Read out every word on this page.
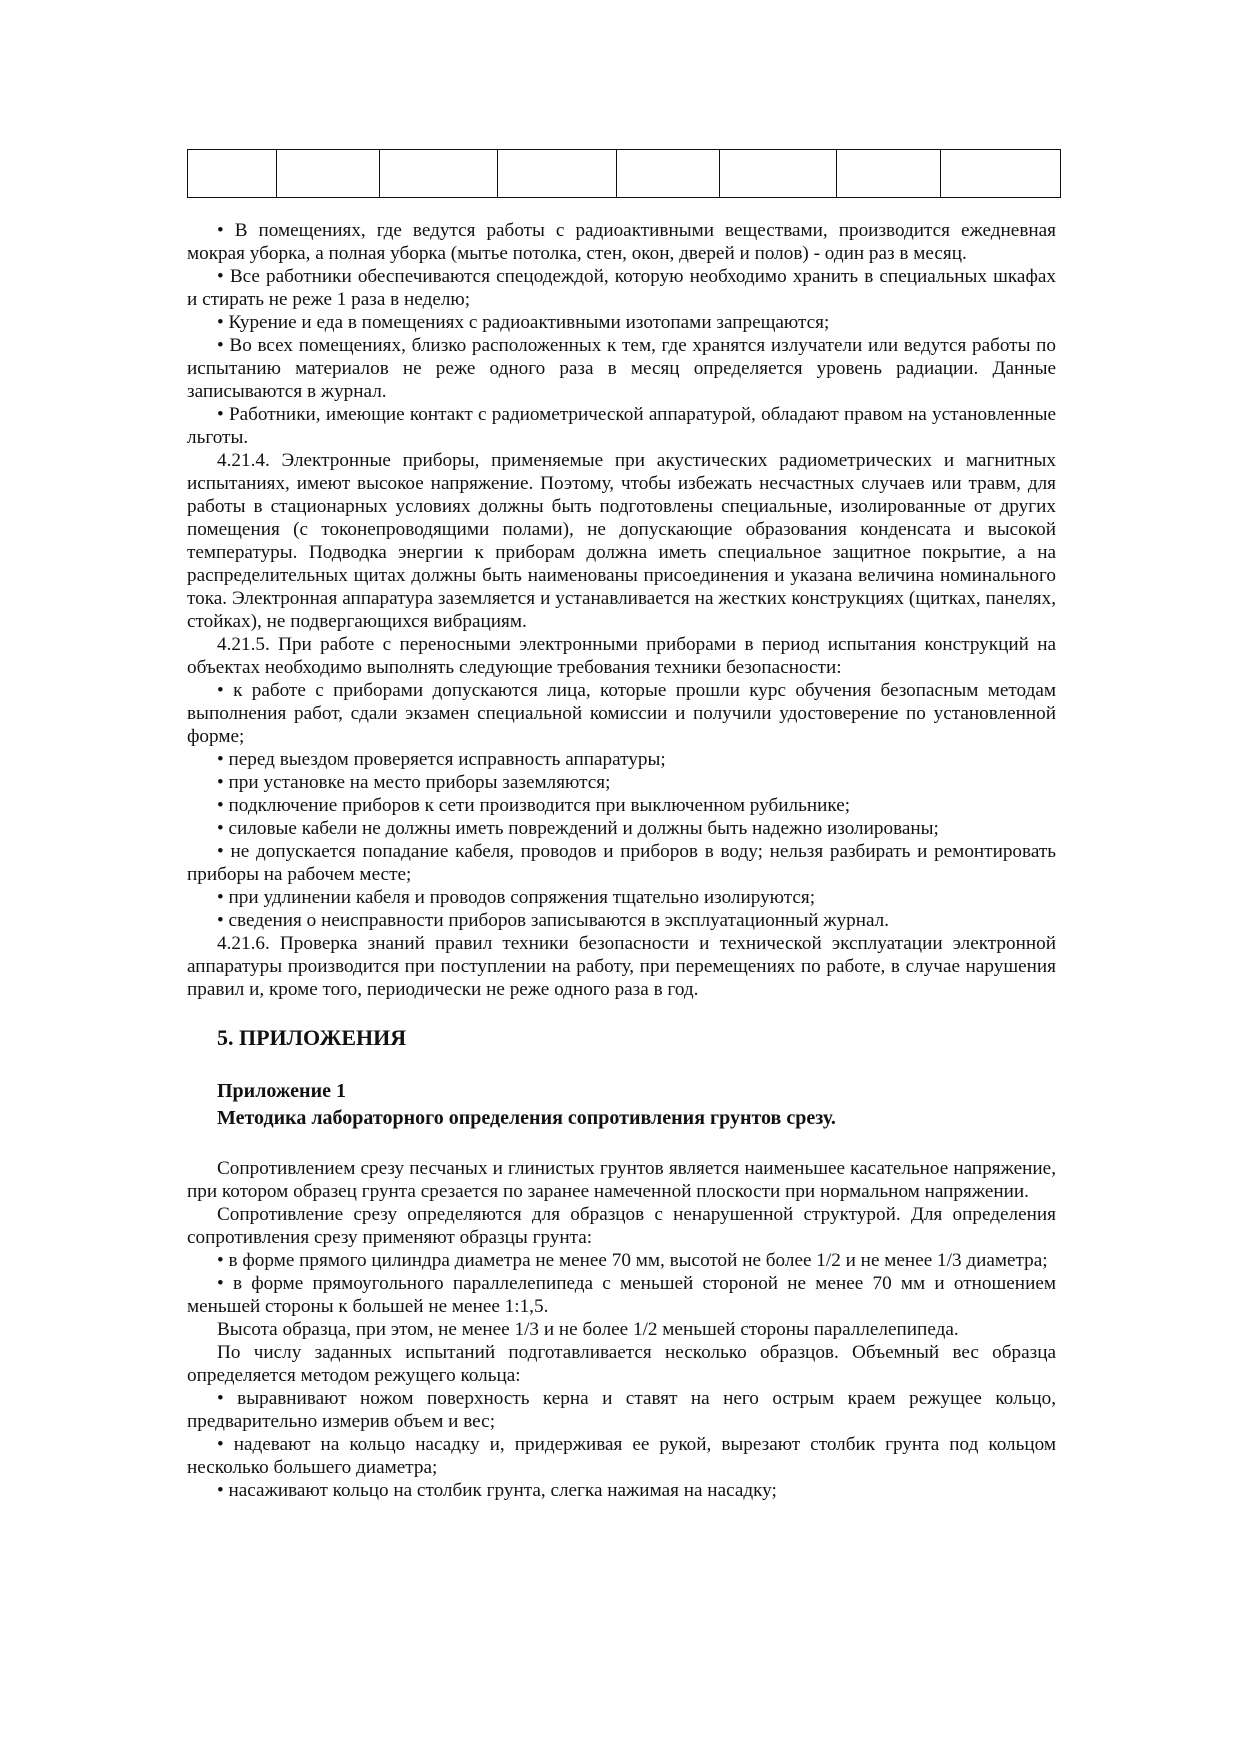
• В помещениях, где ведутся работы с радиоактивными веществами, производится ежедневная мокрая уборка, а полная уборка (мытье потолка, стен, окон, дверей и полов) - один раз в месяц.

• Все работники обеспечиваются спецодеждой, которую необходимо хранить в специальных шкафах и стирать не реже 1 раза в неделю;

• Курение и еда в помещениях с радиоактивными изотопами запрещаются;

• Во всех помещениях, близко расположенных к тем, где хранятся излучатели или ведутся работы по испытанию материалов не реже одного раза в месяц определяется уровень радиации. Данные записываются в журнал.

• Работники, имеющие контакт с радиометрической аппаратурой, обладают правом на установленные льготы.

4.21.4. Электронные приборы, применяемые при акустических радиометрических и магнитных испытаниях, имеют высокое напряжение. Поэтому, чтобы избежать несчастных случаев или травм, для работы в стационарных условиях должны быть подготовлены специальные, изолированные от других помещения (с токонепроводящими полами), не допускающие образования конденсата и высокой температуры. Подводка энергии к приборам должна иметь специальное защитное покрытие, а на распределительных щитах должны быть наименованы присоединения и указана величина номинального тока. Электронная аппаратура заземляется и устанавливается на жестких конструкциях (щитках, панелях, стойках), не подвергающихся вибрациям.

4.21.5. При работе с переносными электронными приборами в период испытания конструкций на объектах необходимо выполнять следующие требования техники безопасности:

• к работе с приборами допускаются лица, которые прошли курс обучения безопасным методам выполнения работ, сдали экзамен специальной комиссии и получили удостоверение по установленной форме;

• перед выездом проверяется исправность аппаратуры;

• при установке на место приборы заземляются;

• подключение приборов к сети производится при выключенном рубильнике;

• силовые кабели не должны иметь повреждений и должны быть надежно изолированы;

• не допускается попадание кабеля, проводов и приборов в воду; нельзя разбирать и ремонтировать приборы на рабочем месте;

• при удлинении кабеля и проводов сопряжения тщательно изолируются;

• сведения о неисправности приборов записываются в эксплуатационный журнал.

4.21.6. Проверка знаний правил техники безопасности и технической эксплуатации электронной аппаратуры производится при поступлении на работу, при перемещениях по работе, в случае нарушения правил и, кроме того, периодически не реже одного раза в год.

5. ПРИЛОЖЕНИЯ
Приложение 1
Методика лабораторного определения сопротивления грунтов срезу.

Сопротивлением срезу песчаных и глинистых грунтов является наименьшее касательное напряжение, при котором образец грунта срезается по заранее намеченной плоскости при нормальном напряжении.

Сопротивление срезу определяются для образцов с ненарушенной структурой. Для определения сопротивления срезу применяют образцы грунта:

• в форме прямого цилиндра диаметра не менее 70 мм, высотой не более 1/2 и не менее 1/3 диаметра;

• в форме прямоугольного параллелепипеда с меньшей стороной не менее 70 мм и отношением меньшей стороны к большей не менее 1:1,5.

Высота образца, при этом, не менее 1/3 и не более 1/2 меньшей стороны параллелепипеда.

По числу заданных испытаний подготавливается несколько образцов. Объемный вес образца определяется методом режущего кольца:

• выравнивают ножом поверхность керна и ставят на него острым краем режущее кольцо, предварительно измерив объем и вес;

• надевают на кольцо насадку и, придерживая ее рукой, вырезают столбик грунта под кольцом несколько большего диаметра;

• насаживают кольцо на столбик грунта, слегка нажимая на насадку;
